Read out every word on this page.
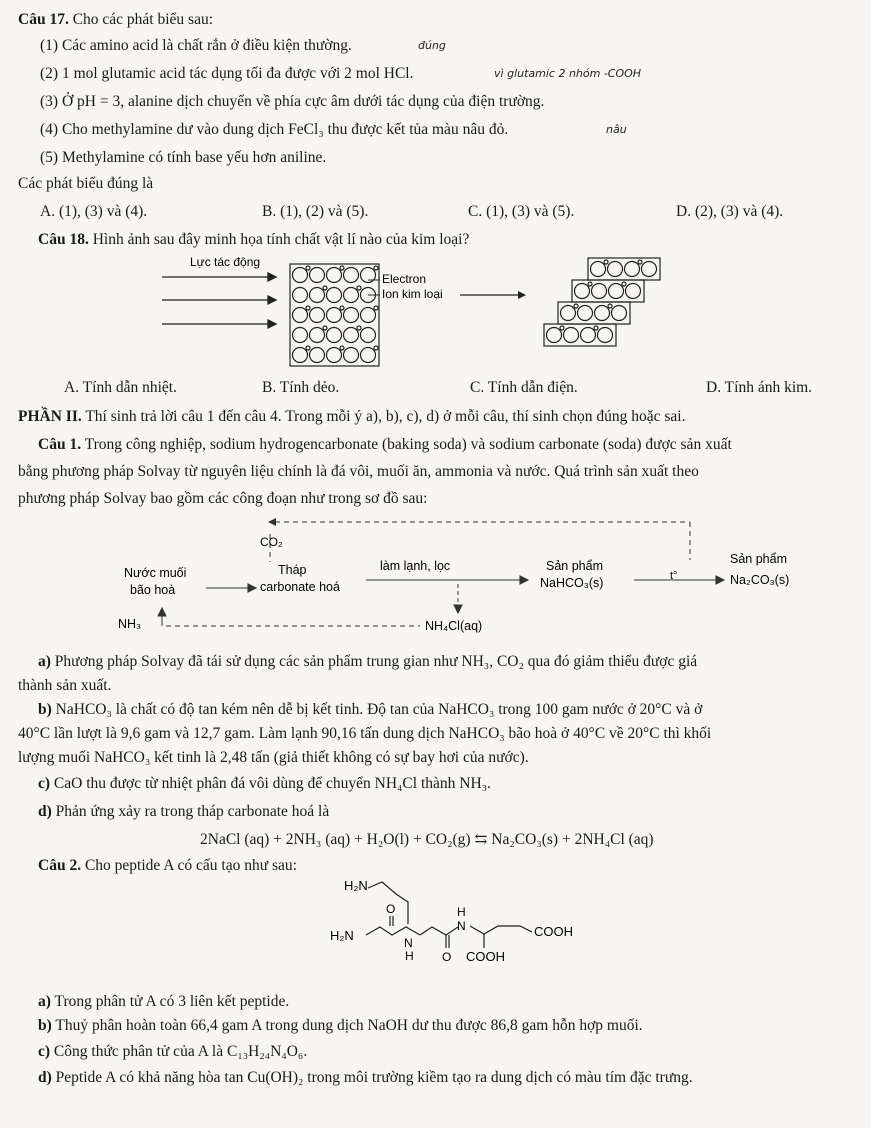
Câu 17. Cho các phát biểu sau:
(1) Các amino acid là chất rắn ở điều kiện thường.	đúng
(2) 1 mol glutamic acid tác dụng tối đa được với 2 mol HCl.	vì glutamic 2 nhóm -COOH
(3) Ở pH = 3, alanine dịch chuyển về phía cực âm dưới tác dụng của điện trường.
(4) Cho methylamine dư vào dung dịch FeCl₃ thu được kết tủa màu nâu đỏ.	nâu
(5) Methylamine có tính base yếu hơn aniline.
Các phát biểu đúng là
A. (1), (3) và (4).	B. (1), (2) và (5).	C. (1), (3) và (5).	D. (2), (3) và (4).
Câu 18. Hình ảnh sau đây minh họa tính chất vật lí nào của kim loại?
Lực tác động
Electron
Ion kim loại
A. Tính dẫn nhiệt.	B. Tính dẻo.	C. Tính dẫn điện.	D. Tính ánh kim.
PHẦN II. Thí sinh trả lời câu 1 đến câu 4. Trong mỗi ý a), b), c), d) ở mỗi câu, thí sinh chọn đúng hoặc sai.
Câu 1. Trong công nghiệp, sodium hydrogencarbonate (baking soda) và sodium carbonate (soda) được sản xuất
bằng phương pháp Solvay từ nguyên liệu chính là đá vôi, muối ăn, ammonia và nước. Quá trình sản xuất theo
phương pháp Solvay bao gồm các công đoạn như trong sơ đồ sau:
CO₂
Nước muối
bão hoà
Tháp
carbonate hoá
làm lạnh, lọc	Sản phẩm
NaHCO₃(s)	t°
Sản phẩm
Na₂CO₃(s)
NH₄Cl(aq)
NH₃
a) Phương pháp Solvay đã tái sử dụng các sản phẩm trung gian như NH₃, CO₂ qua đó giảm thiểu được giá
thành sản xuất.
b) NaHCO₃ là chất có độ tan kém nên dễ bị kết tinh. Độ tan của NaHCO₃ trong 100 gam nước ở 20°C và ở
40°C lần lượt là 9,6 gam và 12,7 gam. Làm lạnh 90,16 tấn dung dịch NaHCO₃ bão hoà ở 40°C về 20°C thì khối
lượng muối NaHCO₃ kết tinh là 2,48 tấn (giả thiết không có sự bay hơi của nước).
c) CaO thu được từ nhiệt phân đá vôi dùng để chuyển NH₄Cl thành NH₃.
d) Phản ứng xảy ra trong tháp carbonate hoá là
2NaCl (aq) + 2NH₃ (aq) + H₂O(l) + CO₂(g) ⇆ Na₂CO₃(s) + 2NH₄Cl (aq)
Câu 2. Cho peptide A có cấu tạo như sau:
H₂N
H₂N
O
N
H
H
N
O
COOH
COOH
a) Trong phân tử A có 3 liên kết peptide.
b) Thuỷ phân hoàn toàn 66,4 gam A trong dung dịch NaOH dư thu được 86,8 gam hỗn hợp muối.
c) Công thức phân tử của A là C₁₃H₂₄N₄O₆.
d) Peptide A có khả năng hòa tan Cu(OH)₂ trong môi trường kiềm tạo ra dung dịch có màu tím đặc trưng.
